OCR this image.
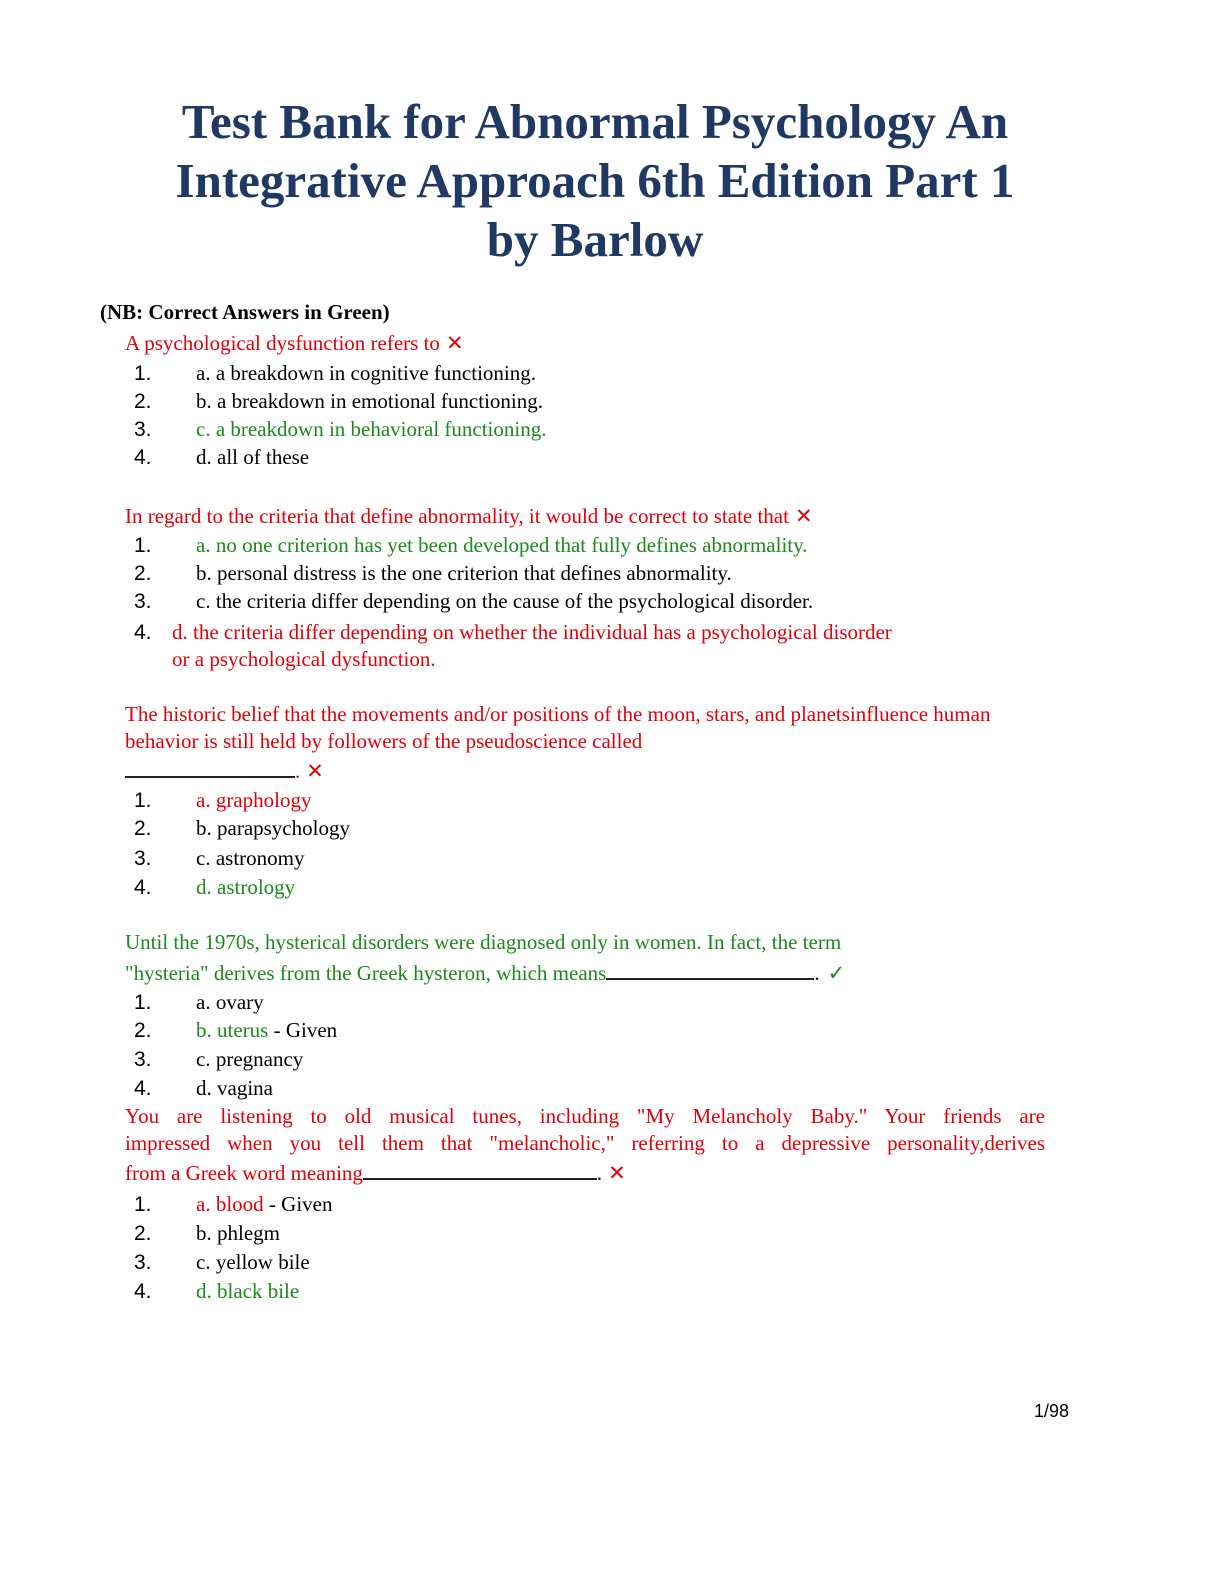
Test Bank for Abnormal Psychology An
Integrative Approach 6th Edition Part 1
by Barlow
(NB: Correct Answers in Green)
A psychological dysfunction refers to ✕
1. a. a breakdown in cognitive functioning.
2. b. a breakdown in emotional functioning.
3. c. a breakdown in behavioral functioning.
4. d. all of these
In regard to the criteria that define abnormality, it would be correct to state that ✕
1. a. no one criterion has yet been developed that fully defines abnormality.
2. b. personal distress is the one criterion that defines abnormality.
3. c. the criteria differ depending on the cause of the psychological disorder.
4. d. the criteria differ depending on whether the individual has a psychological disorder or a psychological dysfunction.
The historic belief that the movements and/or positions of the moon, stars, and planetsinfluence human
behavior is still held by followers of the pseudoscience called
. ✕
1. a. graphology
2. b. parapsychology
3. c. astronomy
4. d. astrology
Until the 1970s, hysterical disorders were diagnosed only in women. In fact, the term
"hysteria" derives from the Greek hysteron, which means	. ✓
1. a. ovary
2. b. uterus - Given
3. c. pregnancy
4. d. vagina
You are listening to old musical tunes, including "My Melancholy Baby." Your friends are
impressed when you tell them that "melancholic," referring to a depressive personality,derives
from a Greek word meaning	. ✕
1. a. blood - Given
2. b. phlegm
3. c. yellow bile
4. d. black bile
1/98
